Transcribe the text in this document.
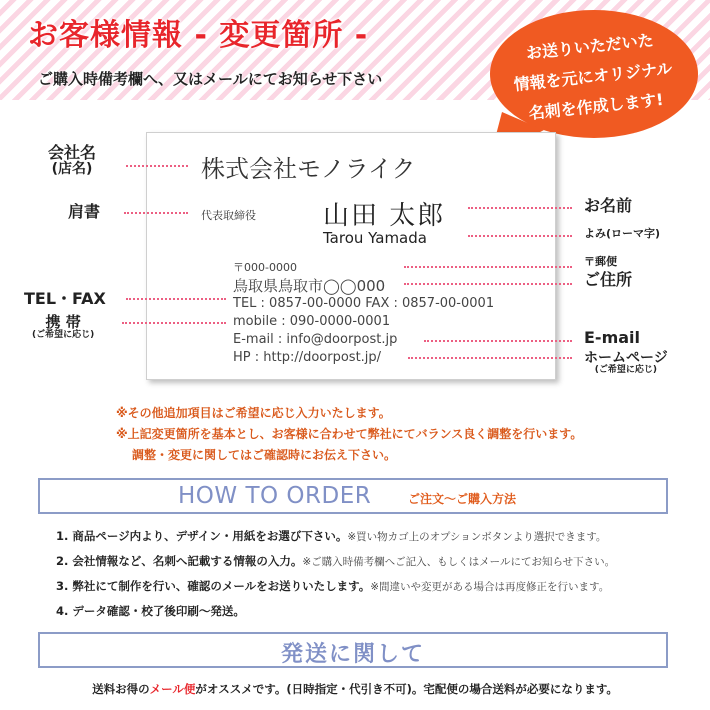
お客様情報 - 変更箇所 -
ご購入時備考欄へ、又はメールにてお知らせ下さい
お送りいただいた
情報を元にオリジナル
名刺を作成します!
株式会社モノライク
代表取締役	山田 太郎
Tarou Yamada
〒000-0000
鳥取県鳥取市◯◯000
TEL : 0857-00-0000 FAX : 0857-00-0001
mobile : 090-0000-0001
E-mail : info@doorpost.jp
HP : http://doorpost.jp/
会社名
(店名)
肩書
TEL・FAX
携 帯
(ご希望に応じ)
お名前
よみ(ローマ字)
〒郵便
ご住所
E-mail
ホームページ
(ご希望に応じ)
※その他追加項目はご希望に応じ入力いたします。
※上記変更箇所を基本とし、お客様に合わせて弊社にてバランス良く調整を行います。
調整・変更に関してはご確認時にお伝え下さい。
HOW TO ORDER	ご注文〜ご購入方法
1. 商品ページ内より、デザイン・用紙をお選び下さい。※買い物カゴ上のオプションボタンより選択できます。
2. 会社情報など、名刺へ記載する情報の入力。※ご購入時備考欄へご記入、もしくはメールにてお知らせ下さい。
3. 弊社にて制作を行い、確認のメールをお送りいたします。※間違いや変更がある場合は再度修正を行います。
4. データ確認・校了後印刷〜発送。
発送に関して
送料お得のメール便がオススメです。(日時指定・代引き不可)。宅配便の場合送料が必要になります。
